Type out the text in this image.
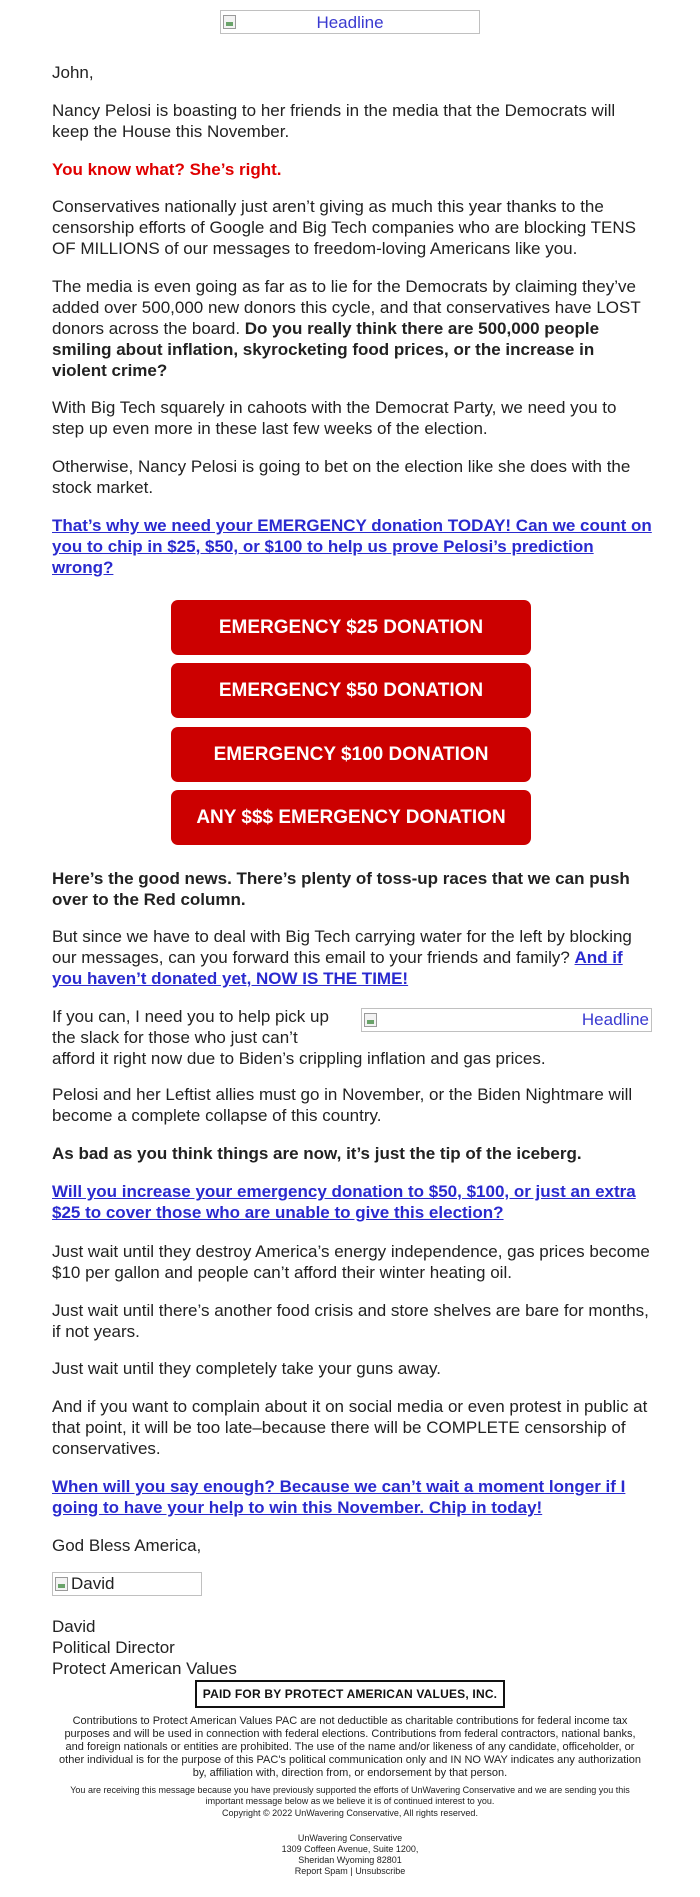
Headline

John,

Nancy Pelosi is boasting to her friends in the media that the Democrats will keep the House this November.

You know what? She’s right.

Conservatives nationally just aren’t giving as much this year thanks to the censorship efforts of Google and Big Tech companies who are blocking TENS OF MILLIONS of our messages to freedom-loving Americans like you.

The media is even going as far as to lie for the Democrats by claiming they’ve added over 500,000 new donors this cycle, and that conservatives have LOST donors across the board. Do you really think there are 500,000 people smiling about inflation, skyrocketing food prices, or the increase in violent crime?

With Big Tech squarely in cahoots with the Democrat Party, we need you to step up even more in these last few weeks of the election.

Otherwise, Nancy Pelosi is going to bet on the election like she does with the stock market.

That’s why we need your EMERGENCY donation TODAY! Can we count on you to chip in $25, $50, or $100 to help us prove Pelosi’s prediction wrong?

EMERGENCY $25 DONATION
EMERGENCY $50 DONATION
EMERGENCY $100 DONATION
ANY $$$ EMERGENCY DONATION

Here’s the good news. There’s plenty of toss-up races that we can push over to the Red column.

But since we have to deal with Big Tech carrying water for the left by blocking our messages, can you forward this email to your friends and family? And if you haven’t donated yet, NOW IS THE TIME!

Headline
If you can, I need you to help pick up the slack for those who just can’t afford it right now due to Biden’s crippling inflation and gas prices.

Pelosi and her Leftist allies must go in November, or the Biden Nightmare will become a complete collapse of this country.

As bad as you think things are now, it’s just the tip of the iceberg.

Will you increase your emergency donation to $50, $100, or just an extra $25 to cover those who are unable to give this election?

Just wait until they destroy America’s energy independence, gas prices become $10 per gallon and people can’t afford their winter heating oil.

Just wait until there’s another food crisis and store shelves are bare for months, if not years.

Just wait until they completely take your guns away.

And if you want to complain about it on social media or even protest in public at that point, it will be too late–because there will be COMPLETE censorship of conservatives.

When will you say enough? Because we can’t wait a moment longer if I going to have your help to win this November. Chip in today!

God Bless America,

David

David

Political Director

Protect American Values

PAID FOR BY PROTECT AMERICAN VALUES, INC.
Contributions to Protect American Values PAC are not deductible as charitable contributions for federal income tax purposes and will be used in connection with federal elections. Contributions from federal contractors, national banks, and foreign nationals or entities are prohibited. The use of the name and/or likeness of any candidate, officeholder, or other individual is for the purpose of this PAC's political communication only and IN NO WAY indicates any authorization by, affiliation with, direction from, or endorsement by that person.
You are receiving this message because you have previously supported the efforts of UnWavering Conservative and we are sending you this important message below as we believe it is of continued interest to you.
Copyright © 2022 UnWavering Conservative, All rights reserved.
UnWavering Conservative
1309 Coffeen Avenue, Suite 1200,
Sheridan Wyoming 82801
Report Spam | Unsubscribe
